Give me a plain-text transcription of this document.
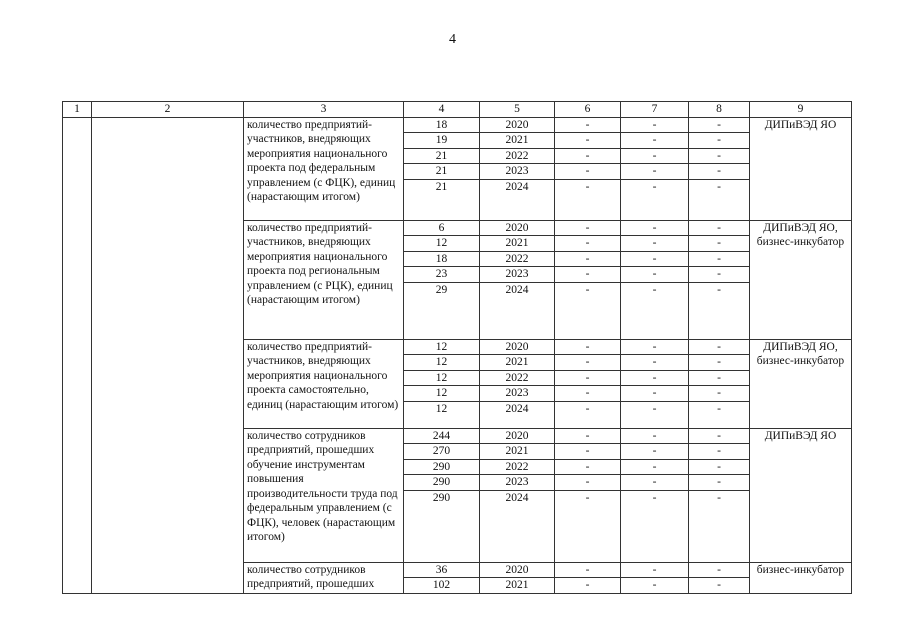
4
1	2	3	4	5	6	7	8	9
		количество предприятий-участников, внедряющих мероприятия национального проекта под федеральным управлением (с ФЦК), единиц (нарастающим итогом)	18	2020	-	-	-	ДИПиВЭД ЯО
			19	2021	-	-	-	
			21	2022	-	-	-	
			21	2023	-	-	-	
			21	2024	-	-	-	
		количество предприятий-участников, внедряющих мероприятия национального проекта под региональным управлением (с РЦК), единиц (нарастающим итогом)	6	2020	-	-	-	ДИПиВЭД ЯО, бизнес-инкубатор
			12	2021	-	-	-	
			18	2022	-	-	-	
			23	2023	-	-	-	
			29	2024	-	-	-	
		количество предприятий-участников, внедряющих мероприятия национального проекта самостоятельно, единиц (нарастающим итогом)	12	2020	-	-	-	ДИПиВЭД ЯО, бизнес-инкубатор
			12	2021	-	-	-	
			12	2022	-	-	-	
			12	2023	-	-	-	
			12	2024	-	-	-	
		количество сотрудников предприятий, прошедших обучение инструментам повышения производительности труда под федеральным управлением (с ФЦК), человек (нарастающим итогом)	244	2020	-	-	-	ДИПиВЭД ЯО
			270	2021	-	-	-	
			290	2022	-	-	-	
			290	2023	-	-	-	
			290	2024	-	-	-	
		количество сотрудников предприятий, прошедших	36	2020	-	-	-	бизнес-инкубатор
			102	2021	-	-	-	
